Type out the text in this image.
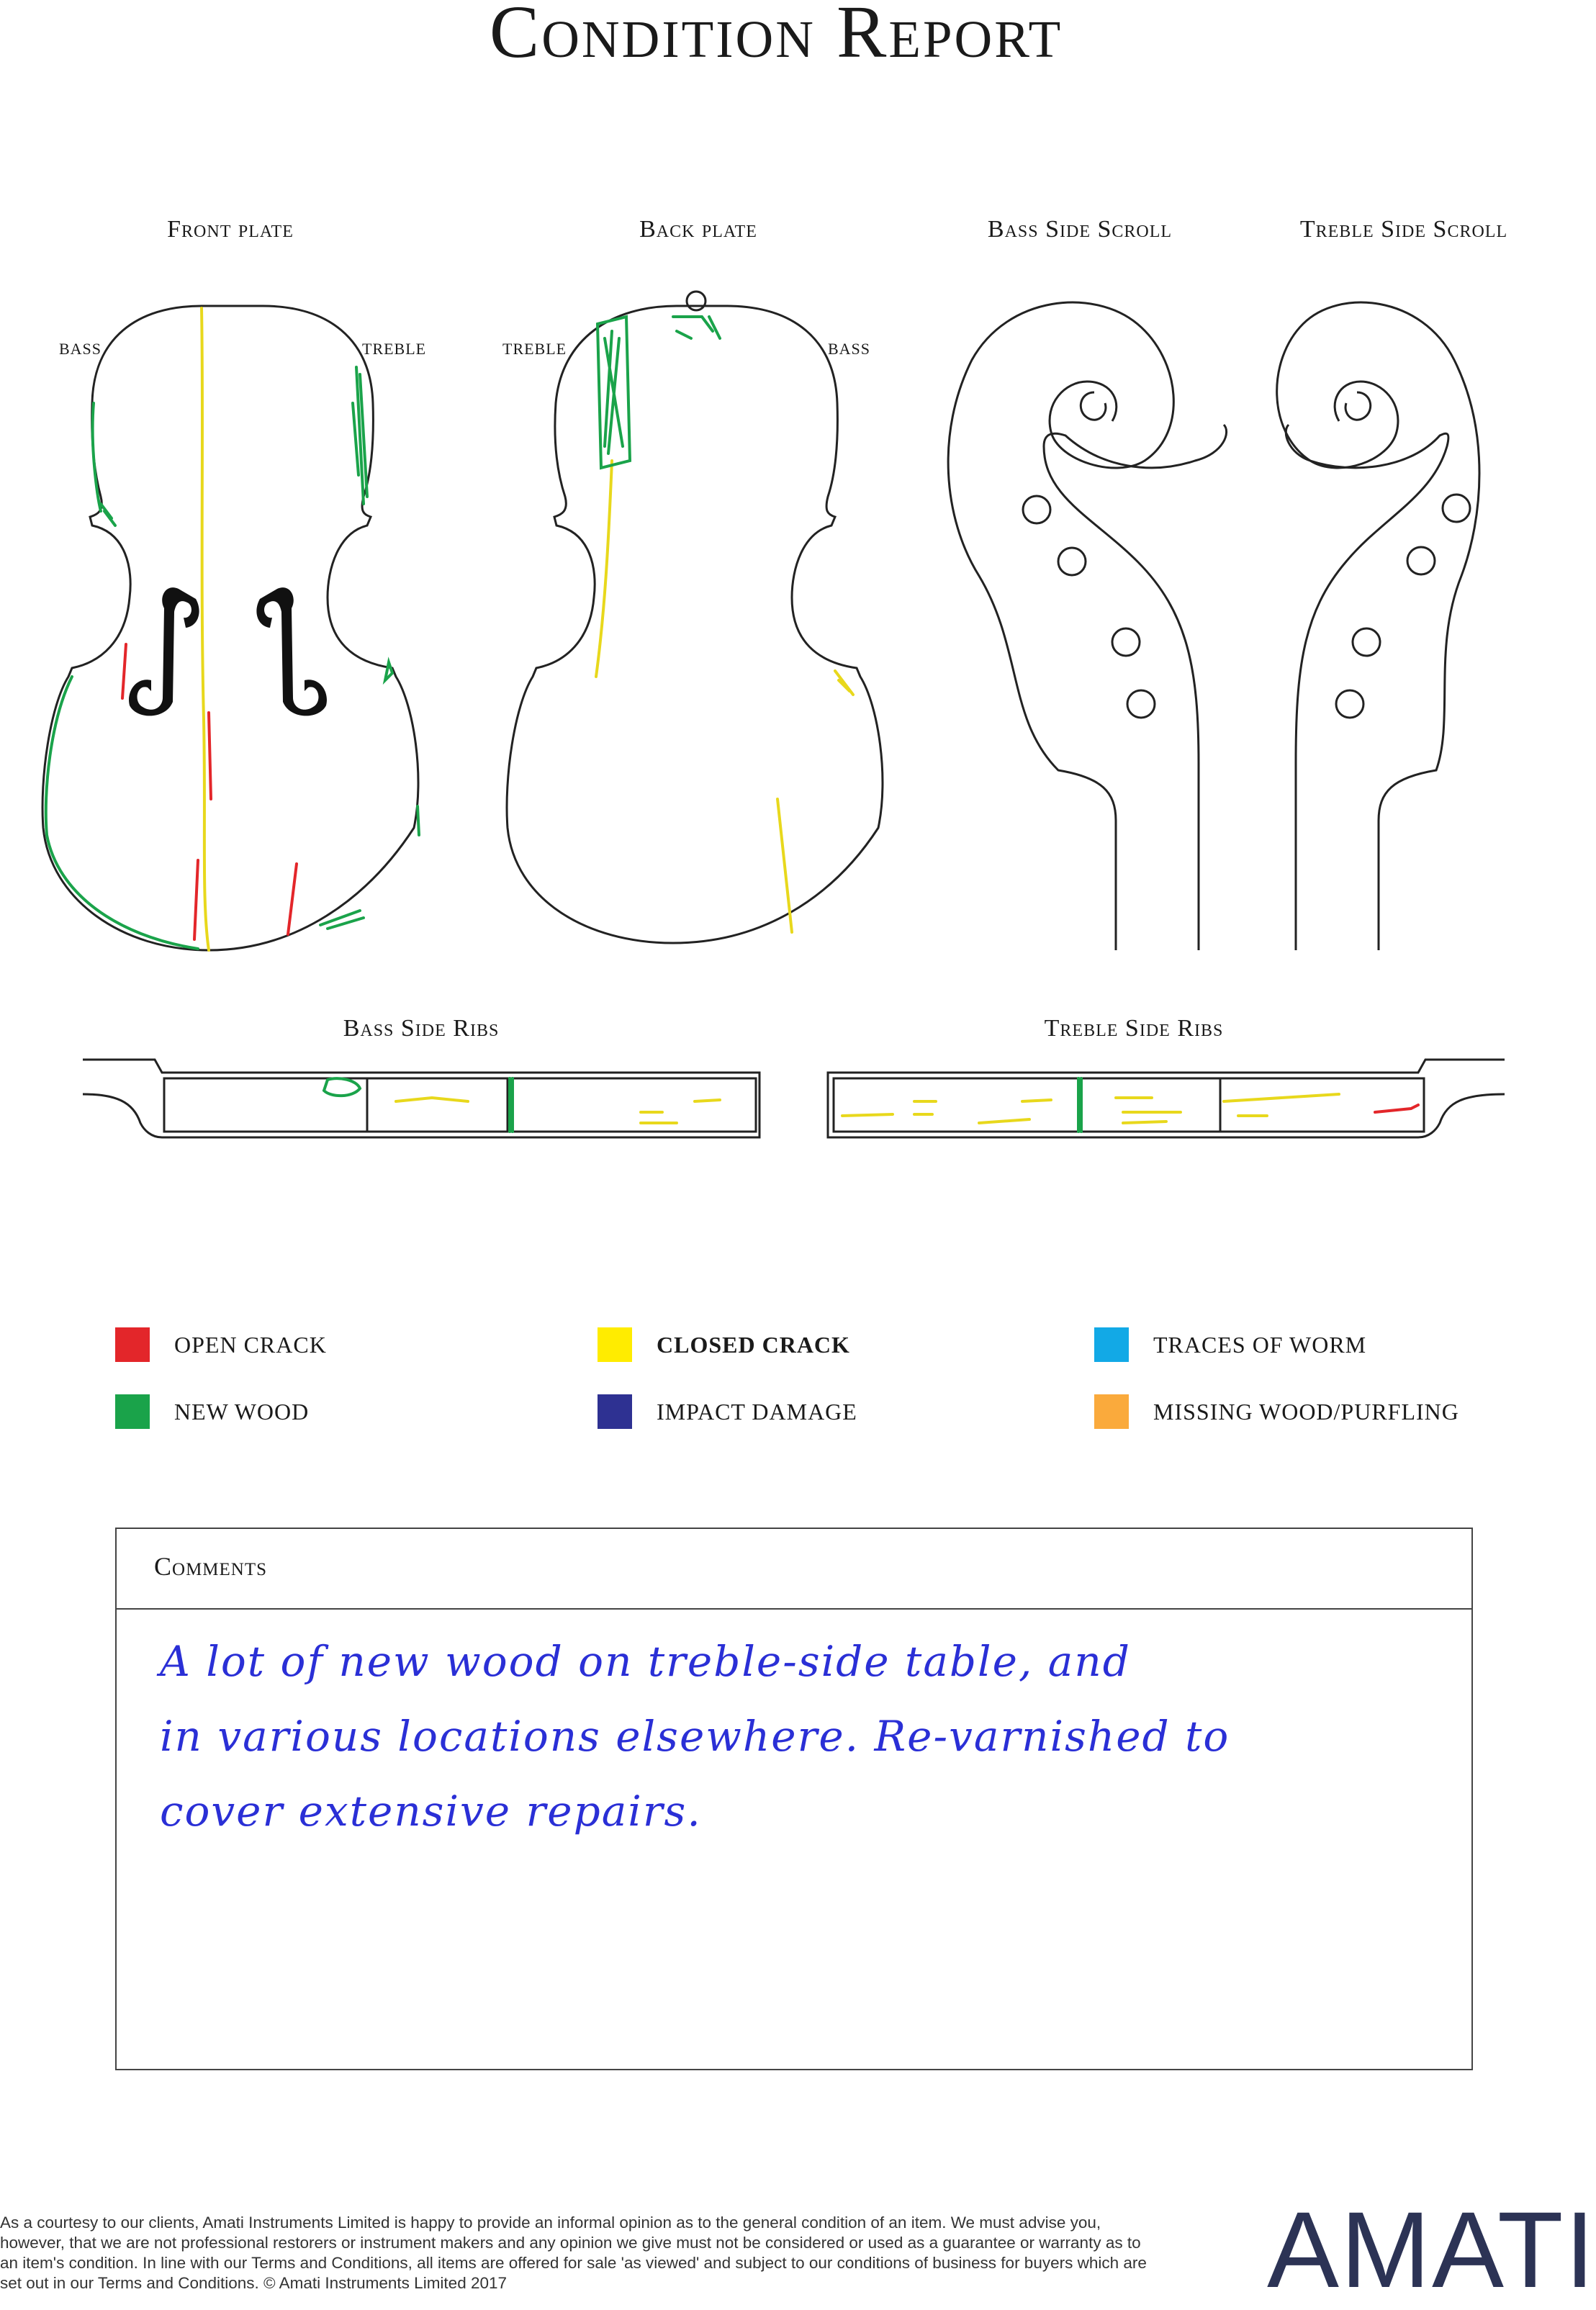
Condition Report
Front plate	Back plate	Bass Side Scroll	Treble Side Scroll
BASS	TREBLE	TREBLE	BASS
Bass Side Ribs	Treble Side Ribs
OPEN CRACK	CLOSED CRACK	TRACES OF WORM
NEW WOOD	IMPACT DAMAGE	MISSING WOOD/PURFLING
Comments
A lot of new wood on treble-side table, and
in various locations elsewhere. Re-varnished to
cover extensive repairs.
As a courtesy to our clients, Amati Instruments Limited is happy to provide an informal opinion as to the general condition of an item. We must advise you, however, that we are not professional restorers or instrument makers and any opinion we give must not be considered or used as a guarantee or warranty as to an item's condition. In line with our Terms and Conditions, all items are offered for sale 'as viewed' and subject to our conditions of business for buyers which are set out in our Terms and Conditions. © Amati Instruments Limited 2017	AMATI
